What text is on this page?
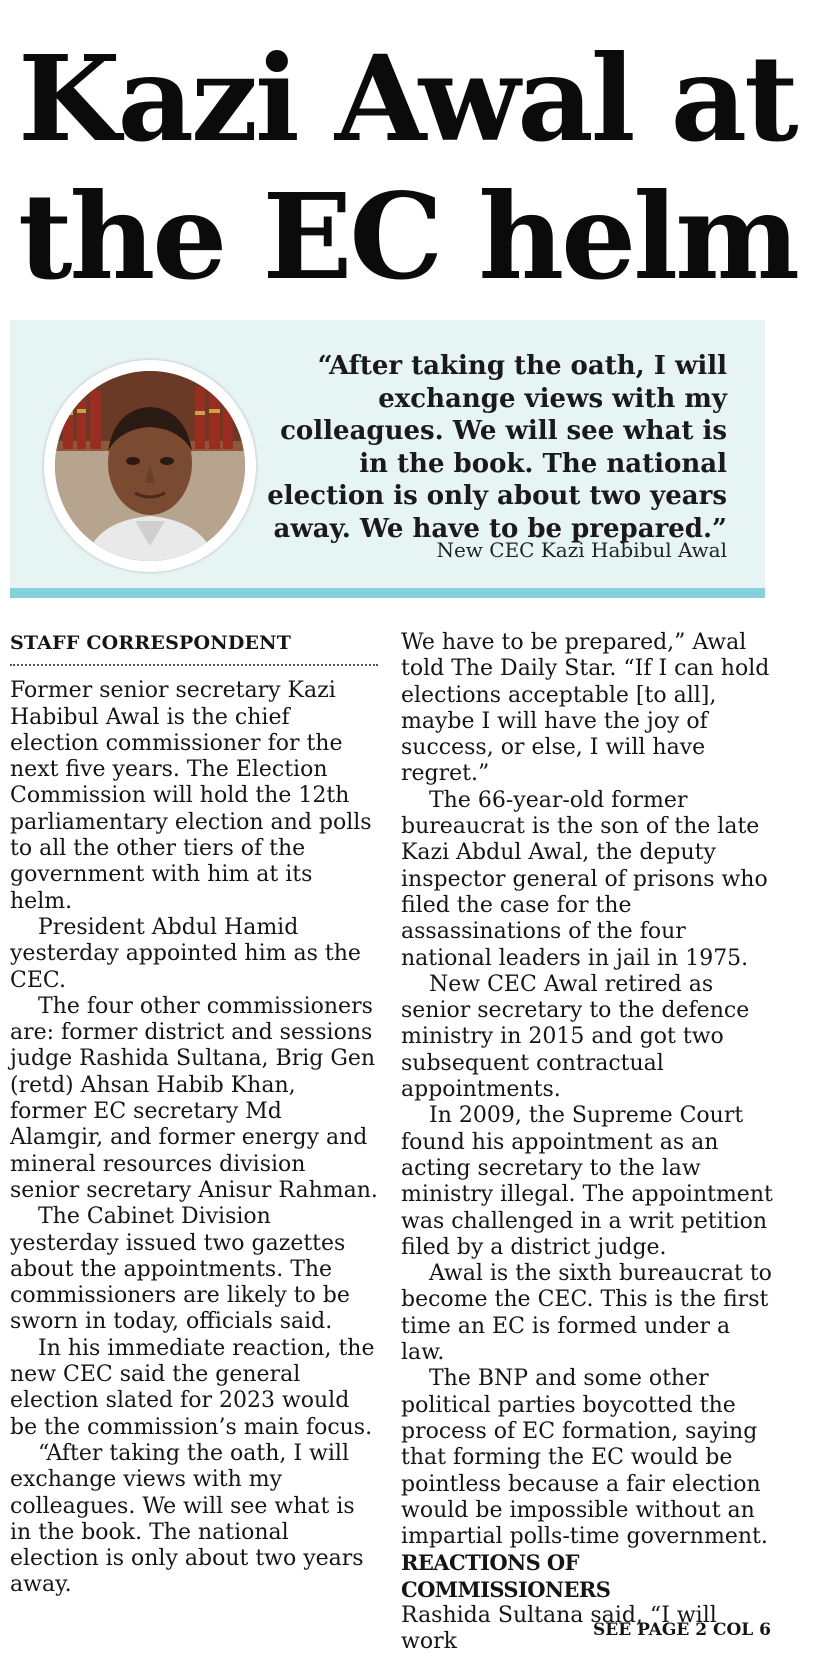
Kazi Awal at the EC helm
“After taking the oath, I will exchange views with my colleagues. We will see what is in the book. The national election is only about two years away. We have to be prepared.”
New CEC Kazi Habibul Awal
STAFF CORRESPONDENT

Former senior secretary Kazi Habibul Awal is the chief election commissioner for the next five years. The Election Commission will hold the 12th parliamentary election and polls to all the other tiers of the government with him at its helm.

President Abdul Hamid yesterday appointed him as the CEC.

The four other commissioners are: former district and sessions judge Rashida Sultana, Brig Gen (retd) Ahsan Habib Khan, former EC secretary Md Alamgir, and former energy and mineral resources division senior secretary Anisur Rahman.

The Cabinet Division yesterday issued two gazettes about the appointments. The commissioners are likely to be sworn in today, officials said.

In his immediate reaction, the new CEC said the general election slated for 2023 would be the commission’s main focus.

“After taking the oath, I will exchange views with my colleagues. We will see what is in the book. The national election is only about two years away.

We have to be prepared,” Awal told The Daily Star. “If I can hold elections acceptable [to all], maybe I will have the joy of success, or else, I will have regret.”

The 66-year-old former bureaucrat is the son of the late Kazi Abdul Awal, the deputy inspector general of prisons who filed the case for the assassinations of the four national leaders in jail in 1975.

New CEC Awal retired as senior secretary to the defence ministry in 2015 and got two subsequent contractual appointments.

In 2009, the Supreme Court found his appointment as an acting secretary to the law ministry illegal. The appointment was challenged in a writ petition filed by a district judge.

Awal is the sixth bureaucrat to become the CEC. This is the first time an EC is formed under a law.

The BNP and some other political parties boycotted the process of EC formation, saying that forming the EC would be pointless because a fair election would be impossible without an impartial polls-time government.

REACTIONS OF COMMISSIONERS

Rashida Sultana said, “I will work	SEE PAGE 2 COL 6
